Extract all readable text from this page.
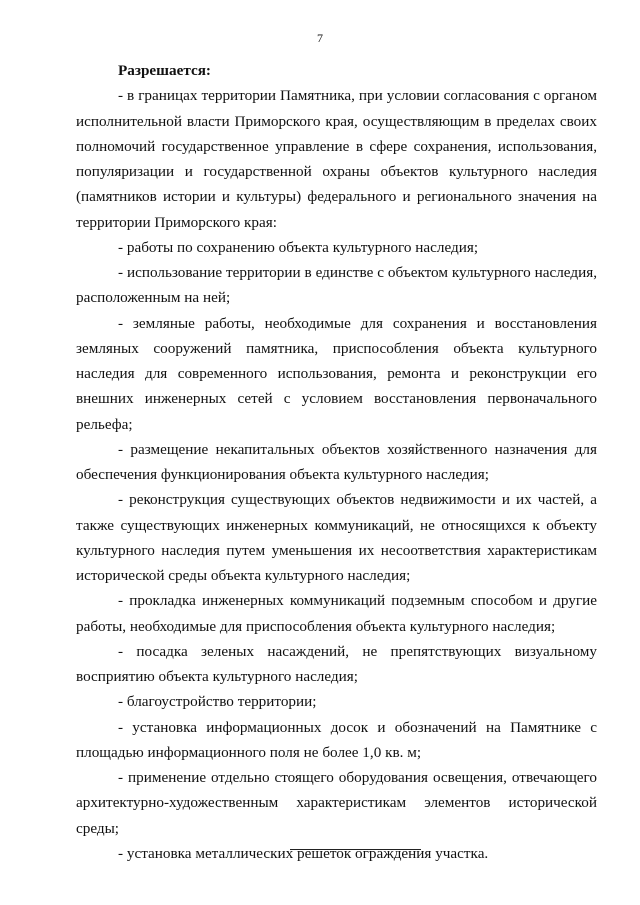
7

Разрешается:

- в границах территории Памятника, при условии согласования с органом исполнительной власти Приморского края, осуществляющим в пределах своих полномочий государственное управление в сфере сохранения, использования, популяризации и государственной охраны объектов культурного наследия (памятников истории и культуры) федерального и регионального значения на территории Приморского края:

- работы по сохранению объекта культурного наследия;

- использование территории в единстве с объектом культурного наследия, расположенным на ней;

- земляные работы, необходимые для сохранения и восстановления земляных сооружений памятника, приспособления объекта культурного наследия для современного использования, ремонта и реконструкции его внешних инженерных сетей с условием восстановления первоначального рельефа;

- размещение некапитальных объектов хозяйственного назначения для обеспечения функционирования объекта культурного наследия;

- реконструкция существующих объектов недвижимости и их частей, а также существующих инженерных коммуникаций, не относящихся к объекту культурного наследия путем уменьшения их несоответствия характеристикам исторической среды объекта культурного наследия;

- прокладка инженерных коммуникаций подземным способом и другие работы, необходимые для приспособления объекта культурного наследия;

- посадка зеленых насаждений, не препятствующих визуальному восприятию объекта культурного наследия;

- благоустройство территории;

- установка информационных досок и обозначений на Памятнике с площадью информационного поля не более 1,0 кв. м;

- применение отдельно стоящего оборудования освещения, отвечающего архитектурно-художественным характеристикам элементов исторической среды;

- установка металлических решеток ограждения участка.
